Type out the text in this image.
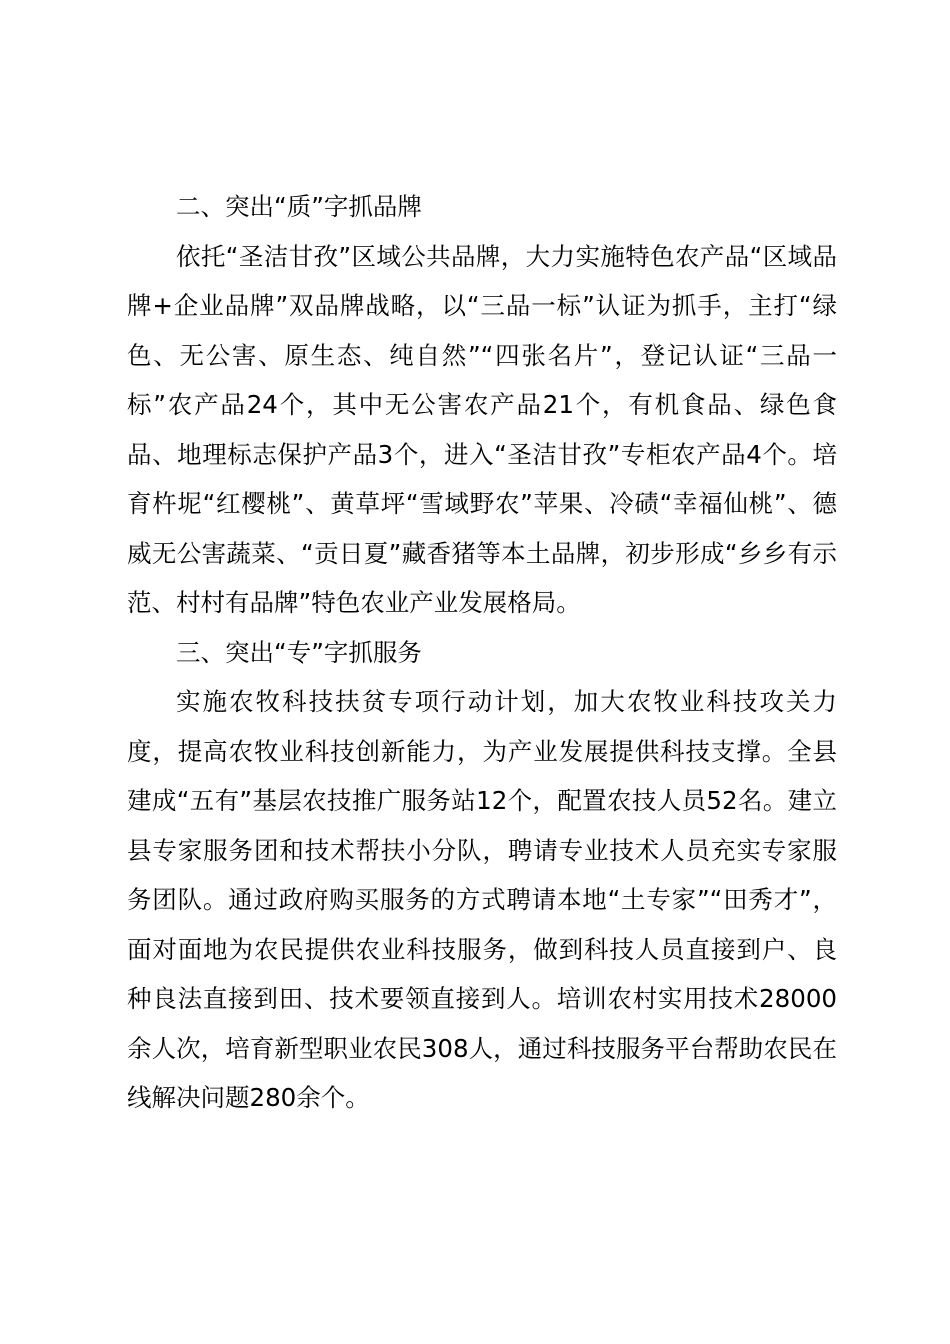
二、突出“质”字抓品牌

依托“圣洁甘孜”区域公共品牌，大力实施特色农产品“区域品牌+企业品牌”双品牌战略，以“三品一标”认证为抓手，主打“绿色、无公害、原生态、纯自然”“四张名片”，登记认证“三品一标”农产品24个，其中无公害农产品21个，有机食品、绿色食品、地理标志保护产品3个，进入“圣洁甘孜”专柜农产品4个。培育杵坭“红樱桃”、黄草坪“雪域野农”苹果、冷碛“幸福仙桃”、德威无公害蔬菜、“贡日夏”藏香猪等本土品牌，初步形成“乡乡有示范、村村有品牌”特色农业产业发展格局。

三、突出“专”字抓服务

实施农牧科技扶贫专项行动计划，加大农牧业科技攻关力度，提高农牧业科技创新能力，为产业发展提供科技支撑。全县建成“五有”基层农技推广服务站12个，配置农技人员52名。建立县专家服务团和技术帮扶小分队，聘请专业技术人员充实专家服务团队。通过政府购买服务的方式聘请本地“土专家”“田秀才”，面对面地为农民提供农业科技服务，做到科技人员直接到户、良种良法直接到田、技术要领直接到人。培训农村实用技术28000余人次，培育新型职业农民308人，通过科技服务平台帮助农民在线解决问题280余个。
